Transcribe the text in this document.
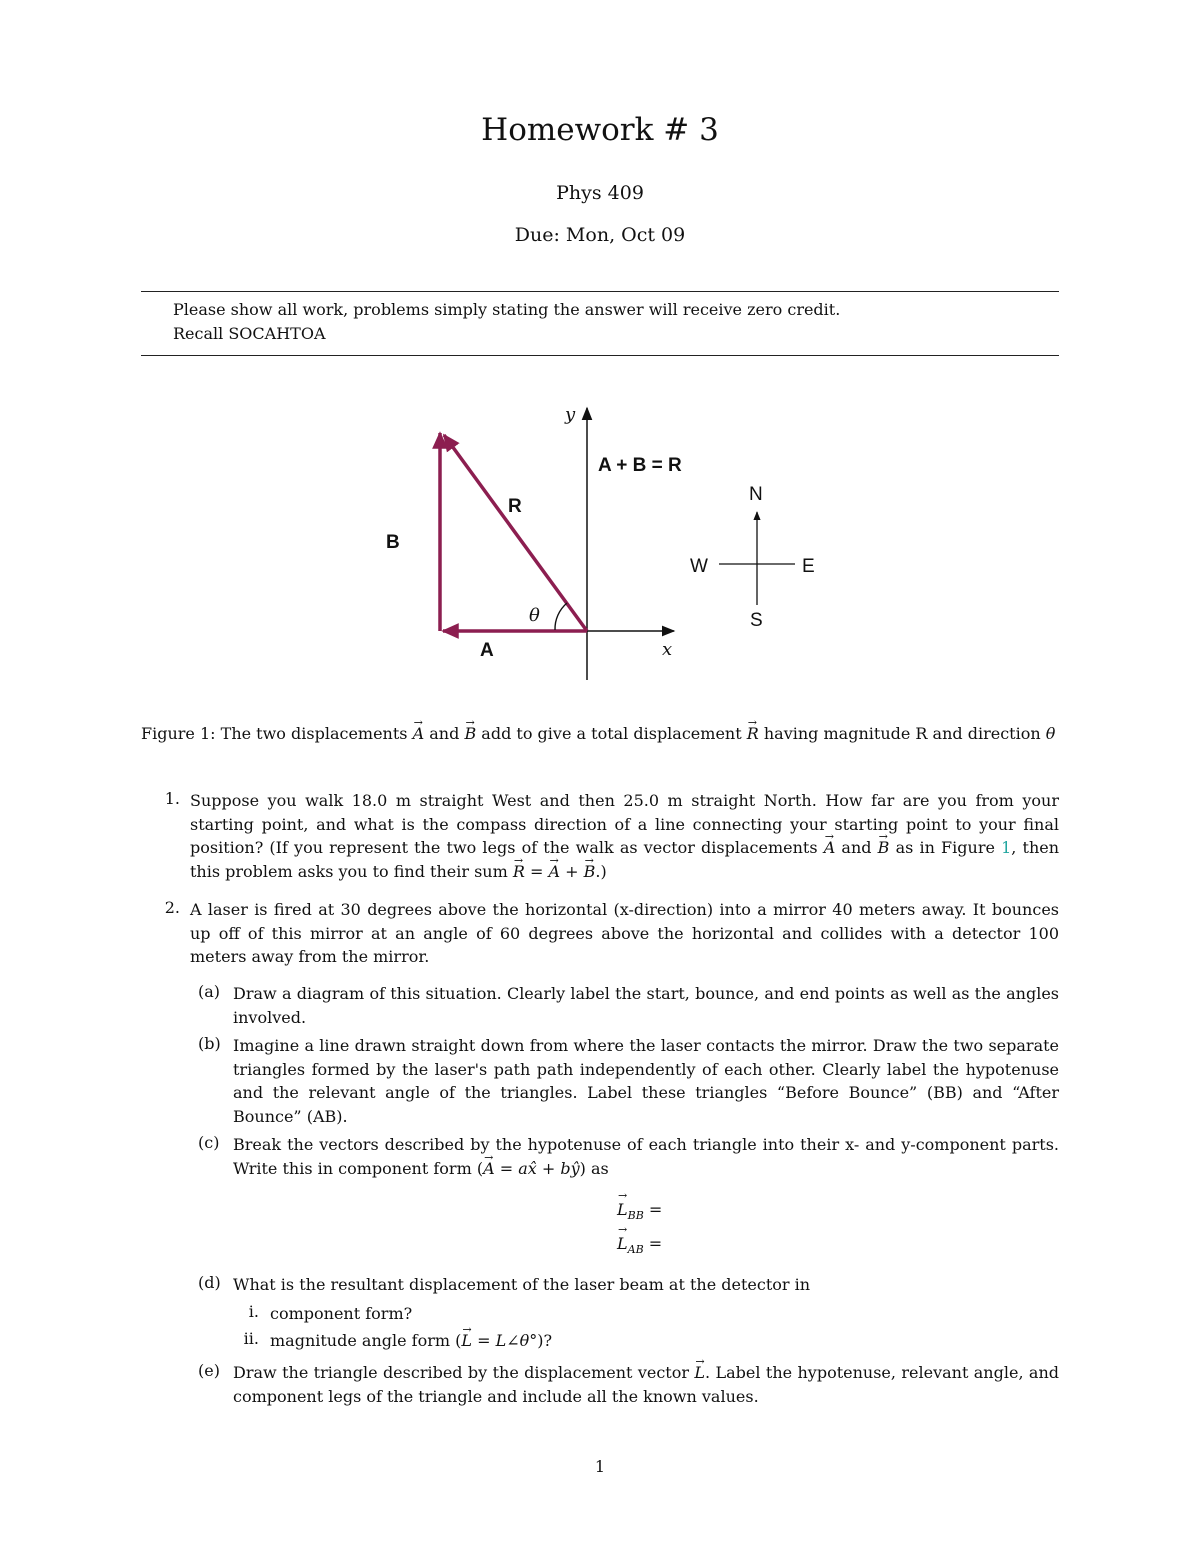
Homework # 3
Phys 409
Due: Mon, Oct 09
Please show all work, problems simply stating the answer will receive zero credit.
Recall SOCAHTOA
y
x
θ
A
B
R
A + B = R
N
S
E
W
Figure 1: The two displacements → A and → B add to give a total displacement → R having magnitude R and direction θ
1. Suppose you walk 18.0 m straight West and then 25.0 m straight North. How far are you from your starting point, and what is the compass direction of a line connecting your starting point to your final position? (If you represent the two legs of the walk as vector displacements → A and → B as in Figure 1, then this problem asks you to find their sum → R = → A + → B.)
2. A laser is fired at 30 degrees above the horizontal (x-direction) into a mirror 40 meters away. It bounces up off of this mirror at an angle of 60 degrees above the horizontal and collides with a detector 100 meters away from the mirror.
(a) Draw a diagram of this situation. Clearly label the start, bounce, and end points as well as the angles involved.
(b) Imagine a line drawn straight down from where the laser contacts the mirror. Draw the two separate triangles formed by the laser's path path independently of each other. Clearly label the hypotenuse and the relevant angle of the triangles. Label these triangles “Before Bounce” (BB) and “After Bounce” (AB).
(c) Break the vectors described by the hypotenuse of each triangle into their x- and y-component parts. Write this in component form (→ A = ax̂ + bŷ) as
→ $L_{BB}$ =
→ $L_{AB}$ =
(d) What is the resultant displacement of the laser beam at the detector in
i. component form?
ii. magnitude angle form (→ L = L∠θ°)?
(e) Draw the triangle described by the displacement vector → L. Label the hypotenuse, relevant angle, and component legs of the triangle and include all the known values.
1
